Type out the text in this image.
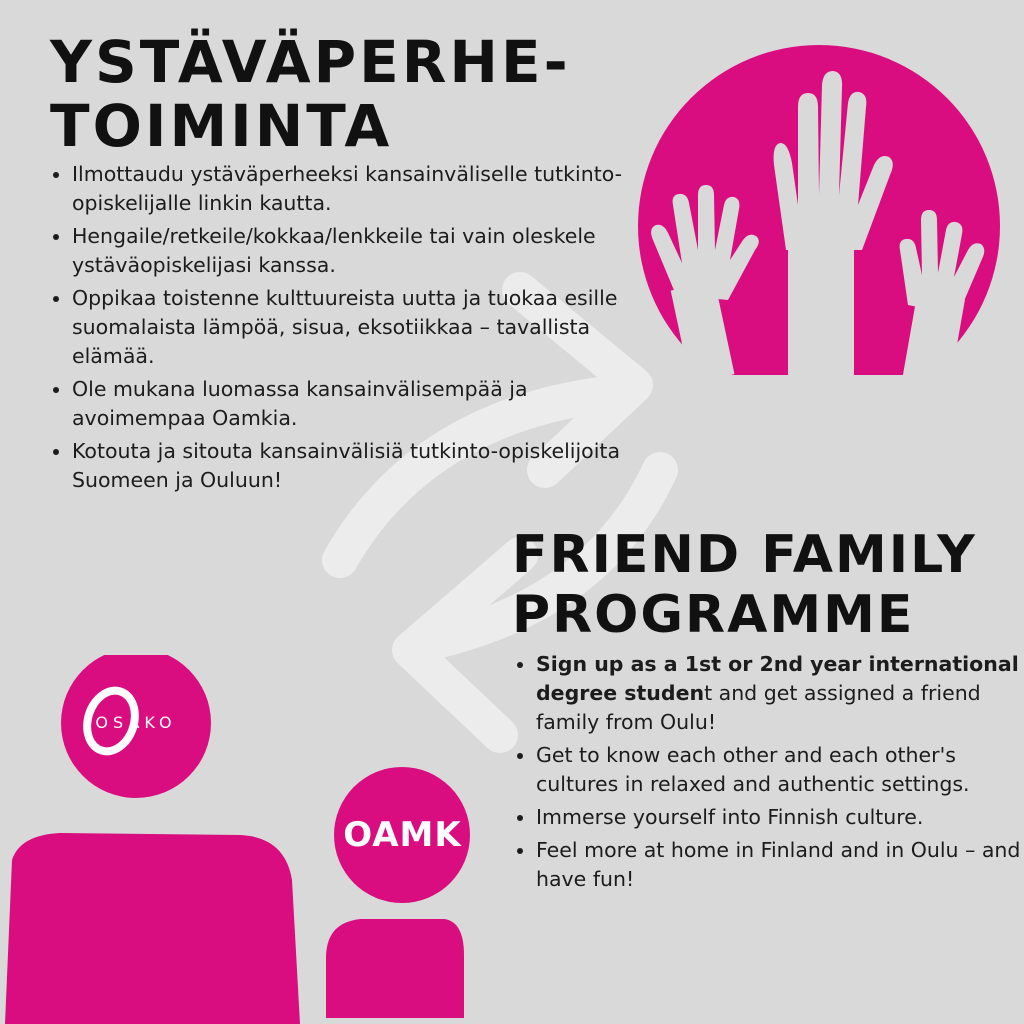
YSTÄVÄPERHE-
TOIMINTA
• Ilmottaudu ystäväperheeksi kansainväliselle tutkinto-opiskelijalle linkin kautta.
• Hengaile/retkeile/kokkaa/lenkkeile tai vain oleskele ystäväopiskelijasi kanssa.
• Oppikaa toistenne kulttuureista uutta ja tuokaa esille suomalaista lämpöä, sisua, eksotiikkaa – tavallista elämää.
• Ole mukana luomassa kansainvälisempää ja avoimempaa Oamkia.
• Kotouta ja sitouta kansainvälisiä tutkinto-opiskelijoita Suomeen ja Ouluun!
FRIEND FAMILY
PROGRAMME
• Sign up as a 1st or 2nd year international degree student and get assigned a friend family from Oulu!
• Get to know each other and each other's cultures in relaxed and authentic settings.
• Immerse yourself into Finnish culture.
• Feel more at home in Finland and in Oulu – and have fun!
OSAKO
OAMK
